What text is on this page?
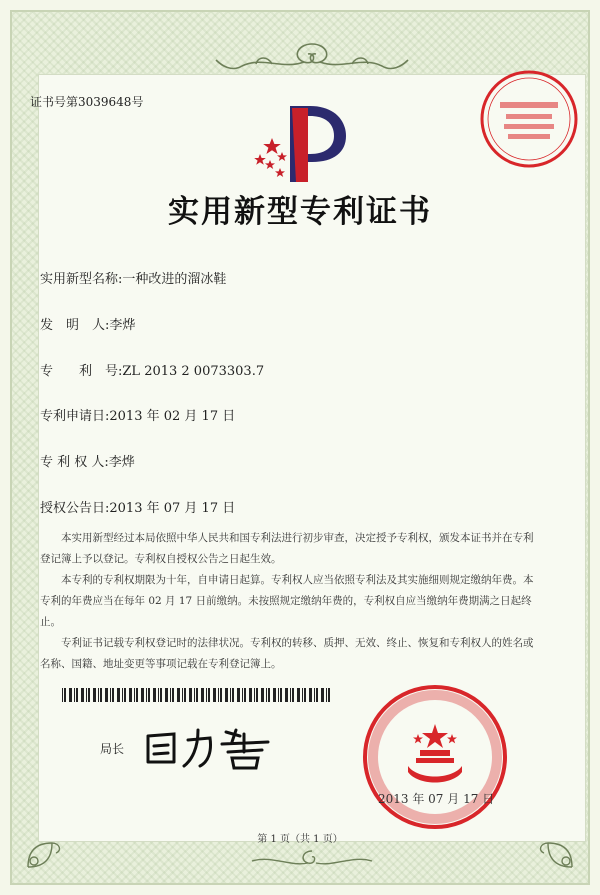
证书号第3039648号
实用新型专利证书
实用新型名称:一种改进的溜冰鞋
发　明　人:李烨
专　　利　号:ZL 2013 2 0073303.7
专利申请日:2013 年 02 月 17 日
专 利 权 人:李烨
授权公告日:2013 年 07 月 17 日

本实用新型经过本局依照中华人民共和国专利法进行初步审查，决定授予专利权，颁发本证书并在专利登记簿上予以登记。专利权自授权公告之日起生效。

本专利的专利权期限为十年，自申请日起算。专利权人应当依照专利法及其实施细则规定缴纳年费。本专利的年费应当在每年 02 月 17 日前缴纳。未按照规定缴纳年费的，专利权自应当缴纳年费期满之日起终止。

专利证书记载专利权登记时的法律状况。专利权的转移、质押、无效、终止、恢复和专利权人的姓名或名称、国籍、地址变更等事项记载在专利登记簿上。

局长
2013 年 07 月 17 日
第 1 页（共 1 页）
